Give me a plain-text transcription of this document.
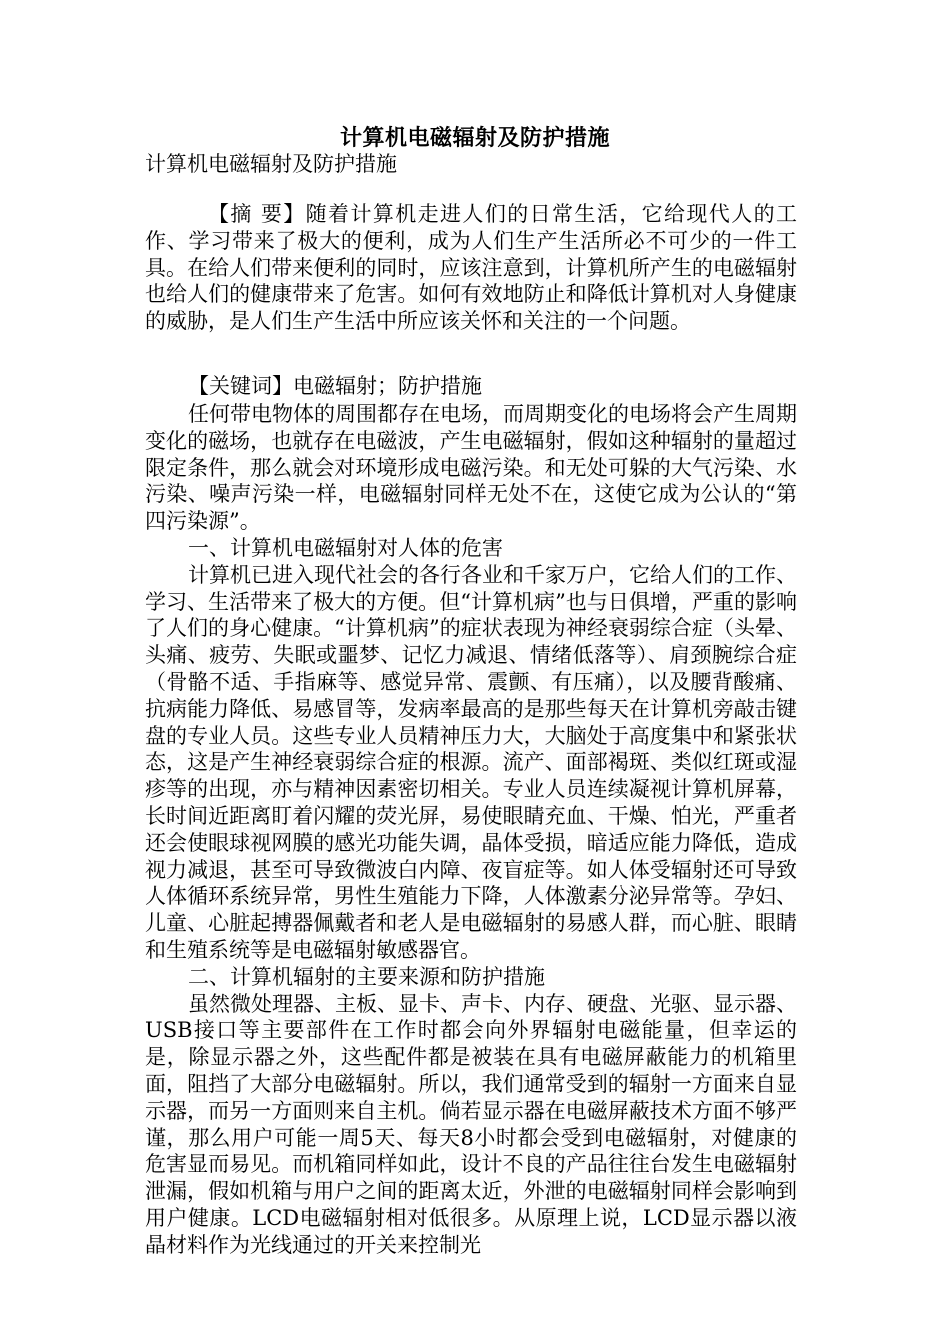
计算机电磁辐射及防护措施
计算机电磁辐射及防护措施
【摘 要】随着计算机走进人们的日常生活，它给现代人的工作、学习带来了极大的便利，成为人们生产生活所必不可少的一件工具。在给人们带来便利的同时，应该注意到，计算机所产生的电磁辐射也给人们的健康带来了危害。如何有效地防止和降低计算机对人身健康的威胁，是人们生产生活中所应该关怀和关注的一个问题。
【关键词】电磁辐射；防护措施

任何带电物体的周围都存在电场，而周期变化的电场将会产生周期变化的磁场，也就存在电磁波，产生电磁辐射，假如这种辐射的量超过限定条件，那么就会对环境形成电磁污染。和无处可躲的大气污染、水污染、噪声污染一样，电磁辐射同样无处不在，这使它成为公认的“第四污染源”。

一、计算机电磁辐射对人体的危害

计算机已进入现代社会的各行各业和千家万户，它给人们的工作、学习、生活带来了极大的方便。但“计算机病”也与日俱增，严重的影响了人们的身心健康。“计算机病”的症状表现为神经衰弱综合症（头晕、头痛、疲劳、失眠或噩梦、记忆力减退、情绪低落等）、肩颈腕综合症（骨骼不适、手指麻等、感觉异常、震颤、有压痛），以及腰背酸痛、抗病能力降低、易感冒等，发病率最高的是那些每天在计算机旁敲击键盘的专业人员。这些专业人员精神压力大，大脑处于高度集中和紧张状态，这是产生神经衰弱综合症的根源。流产、面部褐斑、类似红斑或湿疹等的出现，亦与精神因素密切相关。专业人员连续凝视计算机屏幕，长时间近距离盯着闪耀的荧光屏，易使眼睛充血、干燥、怕光，严重者还会使眼球视网膜的感光功能失调，晶体受损，暗适应能力降低，造成视力减退，甚至可导致微波白内障、夜盲症等。如人体受辐射还可导致人体循环系统异常，男性生殖能力下降，人体激素分泌异常等。孕妇、儿童、心脏起搏器佩戴者和老人是电磁辐射的易感人群，而心脏、眼睛和生殖系统等是电磁辐射敏感器官。

二、计算机辐射的主要来源和防护措施

虽然微处理器、主板、显卡、声卡、内存、硬盘、光驱、显示器、USB接口等主要部件在工作时都会向外界辐射电磁能量，但幸运的是，除显示器之外，这些配件都是被装在具有电磁屏蔽能力的机箱里面，阻挡了大部分电磁辐射。所以，我们通常受到的辐射一方面来自显示器，而另一方面则来自主机。倘若显示器在电磁屏蔽技术方面不够严谨，那么用户可能一周5天、每天8小时都会受到电磁辐射，对健康的危害显而易见。而机箱同样如此，设计不良的产品往往台发生电磁辐射泄漏，假如机箱与用户之间的距离太近，外泄的电磁辐射同样会影响到用户健康。LCD电磁辐射相对低很多。从原理上说，LCD显示器以液晶材料作为光线通过的开关来控制光
